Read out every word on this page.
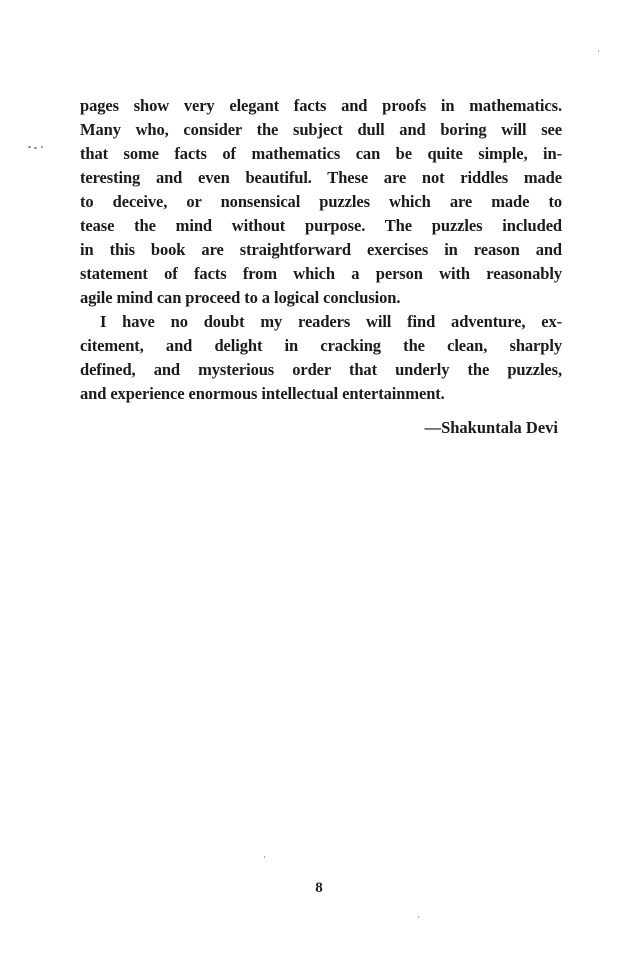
pages show very elegant facts and proofs in mathematics.
Many who, consider the subject dull and boring will see
that some facts of mathematics can be quite simple, in-
teresting and even beautiful. These are not riddles made
to deceive, or nonsensical puzzles which are made to
tease the mind without purpose. The puzzles included
in this book are straightforward exercises in reason and
statement of facts from which a person with reasonably
agile mind can proceed to a logical conclusion.
I have no doubt my readers will find adventure, ex-
citement, and delight in cracking the clean, sharply
defined, and mysterious order that underly the puzzles,
and experience enormous intellectual entertainment.
—Shakuntala Devi
8
